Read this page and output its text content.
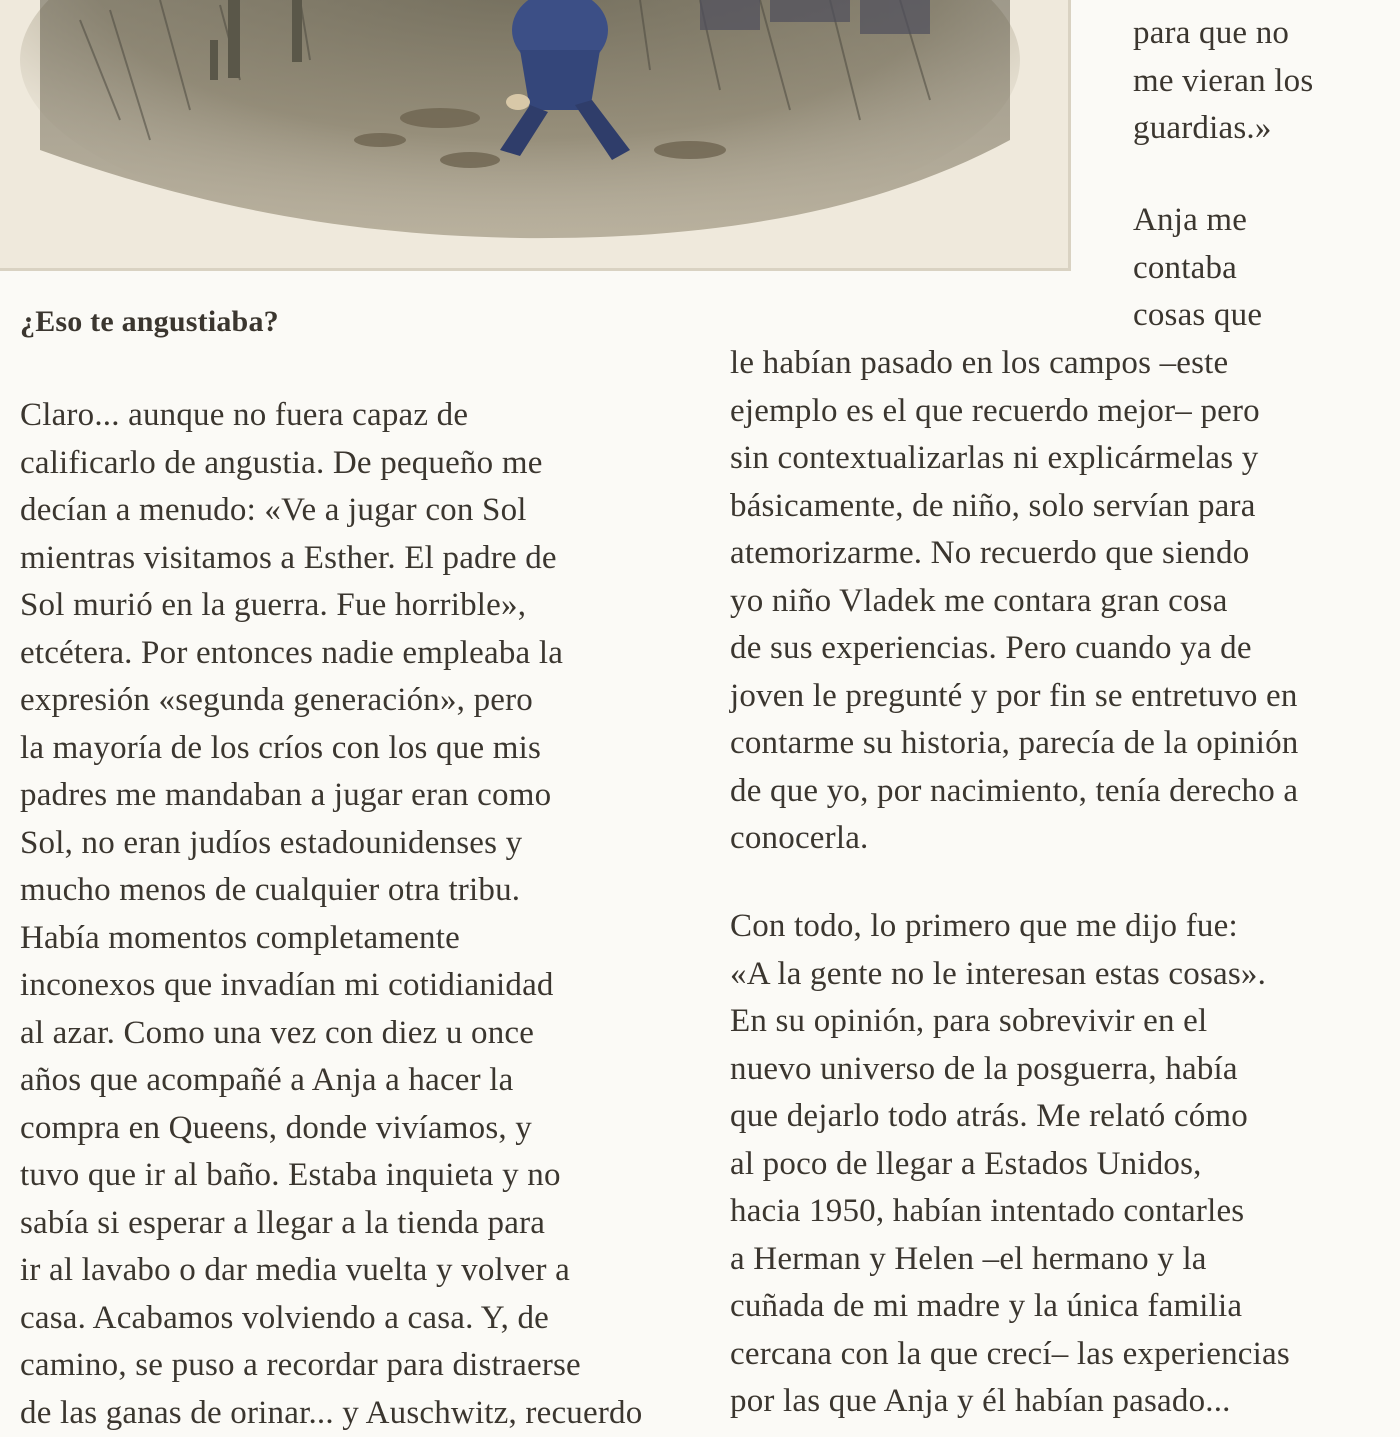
para que no
me vieran los
guardias.»
Anja me
contaba
cosas que
¿Eso te angustiaba?
Claro... aunque no fuera capaz de
calificarlo de angustia. De pequeño me
decían a menudo: «Ve a jugar con Sol
mientras visitamos a Esther. El padre de
Sol murió en la guerra. Fue horrible»,
etcétera. Por entonces nadie empleaba la
expresión «segunda generación», pero
la mayoría de los críos con los que mis
padres me mandaban a jugar eran como
Sol, no eran judíos estadounidenses y
mucho menos de cualquier otra tribu.
Había momentos completamente
inconexos que invadían mi cotidianidad
al azar. Como una vez con diez u once
años que acompañé a Anja a hacer la
compra en Queens, donde vivíamos, y
tuvo que ir al baño. Estaba inquieta y no
sabía si esperar a llegar a la tienda para
ir al lavabo o dar media vuelta y volver a
casa. Acabamos volviendo a casa. Y, de
camino, se puso a recordar para distraerse
de las ganas de orinar... y Auschwitz, recuerdo
le habían pasado en los campos –este
ejemplo es el que recuerdo mejor– pero
sin contextualizarlas ni explicármelas y
básicamente, de niño, solo servían para
atemorizarme. No recuerdo que siendo
yo niño Vladek me contara gran cosa
de sus experiencias. Pero cuando ya de
joven le pregunté y por fin se entretuvo en
contarme su historia, parecía de la opinión
de que yo, por nacimiento, tenía derecho a
conocerla.
Con todo, lo primero que me dijo fue:
«A la gente no le interesan estas cosas».
En su opinión, para sobrevivir en el
nuevo universo de la posguerra, había
que dejarlo todo atrás. Me relató cómo
al poco de llegar a Estados Unidos,
hacia 1950, habían intentado contarles
a Herman y Helen –el hermano y la
cuñada de mi madre y la única familia
cercana con la que crecí– las experiencias
por las que Anja y él habían pasado...
